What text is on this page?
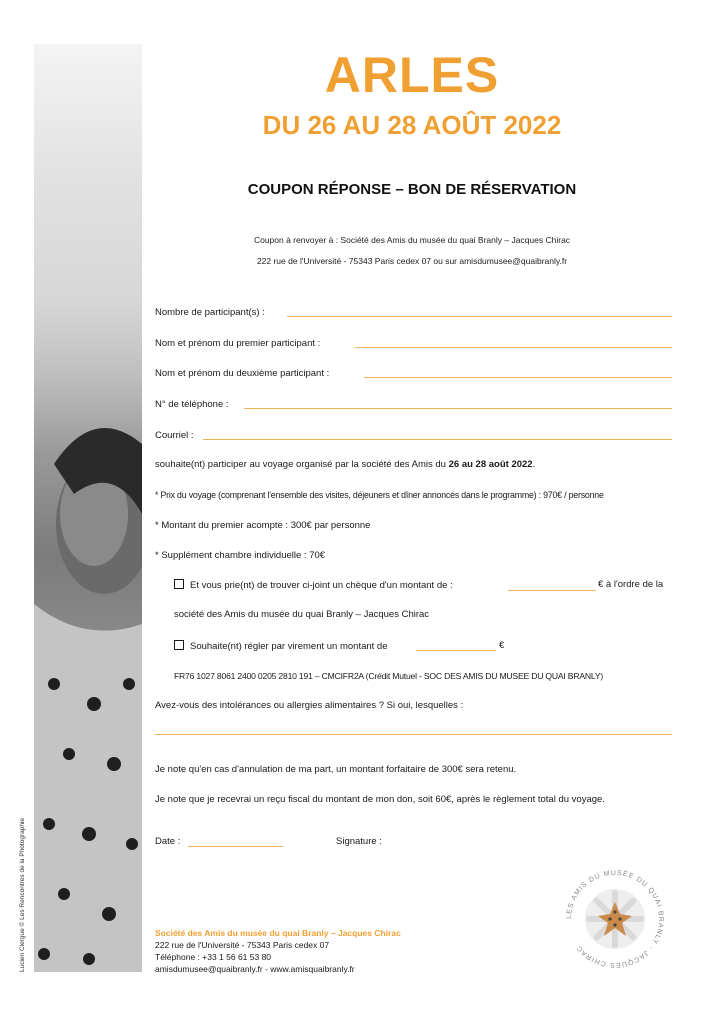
Lucien Clergue © Les Rencontres de la Photographie
ARLES
DU 26 AU 28 AOÛT 2022
COUPON RÉPONSE – BON DE RÉSERVATION
Coupon à renvoyer à : Société des Amis du musée du quai Branly – Jacques Chirac
222 rue de l'Université - 75343 Paris cedex 07 ou sur amisdumusee@quaibranly.fr
Nombre de participant(s) :
Nom et prénom du premier participant :
Nom et prénom du deuxième participant :
N° de téléphone :
Courriel :
souhaite(nt) participer au voyage organisé par la société des Amis du 26 au 28 août 2022.
* Prix du voyage (comprenant l'ensemble des visites, déjeuners et dîner annoncés dans le programme) : 970€ / personne
* Montant du premier acompte : 300€ par personne
* Supplément chambre individuelle : 70€
Et vous prie(nt) de trouver ci-joint un chèque d'un montant de :	€ à l'ordre de la
société des Amis du musée du quai Branly – Jacques Chirac
Souhaite(nt) régler par virement un montant de	€
FR76 1027 8061 2400 0205 2810 191 – CMCIFR2A (Crédit Mutuel - SOC DES AMIS DU MUSEE DU QUAI BRANLY)
Avez-vous des intolérances ou allergies alimentaires ? Si oui, lesquelles :
Je note qu'en cas d'annulation de ma part, un montant forfaitaire de 300€ sera retenu.
Je note que je recevrai un reçu fiscal du montant de mon don, soit 60€, après le règlement total du voyage.
Date :	Signature :
Société des Amis du musée du quai Branly – Jacques Chirac
222 rue de l'Université - 75343 Paris cedex 07
Téléphone : +33 1 56 61 53 80
amisdumusee@quaibranly.fr - www.amisquaibranly.fr
LES AMIS DU MUSÉE DU QUAI BRANLY - JACQUES CHIRAC
